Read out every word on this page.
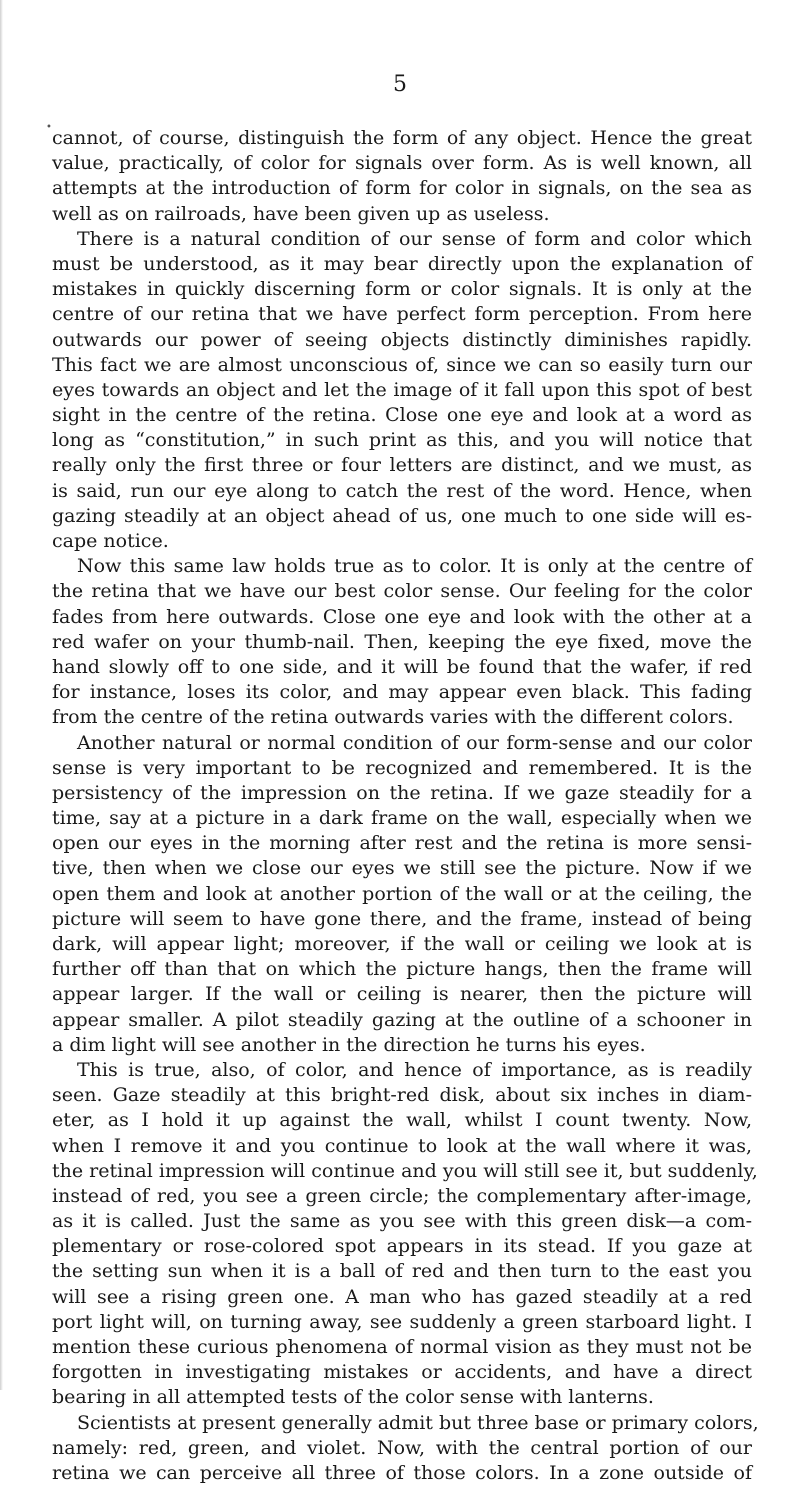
5
• cannot, of course, distinguish the form of any object. Hence the great
value, practically, of color for signals over form. As is well known, all
attempts at the introduction of form for color in signals, on the sea as
well as on railroads, have been given up as useless.
There is a natural condition of our sense of form and color which
must be understood, as it may bear directly upon the explanation of
mistakes in quickly discerning form or color signals. It is only at the
centre of our retina that we have perfect form perception. From here
outwards our power of seeing objects distinctly diminishes rapidly.
This fact we are almost unconscious of, since we can so easily turn our
eyes towards an object and let the image of it fall upon this spot of best
sight in the centre of the retina. Close one eye and look at a word as
long as “constitution,” in such print as this, and you will notice that
really only the first three or four letters are distinct, and we must, as
is said, run our eye along to catch the rest of the word. Hence, when
gazing steadily at an object ahead of us, one much to one side will es-
cape notice.
Now this same law holds true as to color. It is only at the centre of
the retina that we have our best color sense. Our feeling for the color
fades from here outwards. Close one eye and look with the other at a
red wafer on your thumb-nail. Then, keeping the eye fixed, move the
hand slowly off to one side, and it will be found that the wafer, if red
for instance, loses its color, and may appear even black. This fading
from the centre of the retina outwards varies with the different colors.
Another natural or normal condition of our form-sense and our color
sense is very important to be recognized and remembered. It is the
persistency of the impression on the retina. If we gaze steadily for a
time, say at a picture in a dark frame on the wall, especially when we
open our eyes in the morning after rest and the retina is more sensi-
tive, then when we close our eyes we still see the picture. Now if we
open them and look at another portion of the wall or at the ceiling, the
picture will seem to have gone there, and the frame, instead of being
dark, will appear light; moreover, if the wall or ceiling we look at is
further off than that on which the picture hangs, then the frame will
appear larger. If the wall or ceiling is nearer, then the picture will
appear smaller. A pilot steadily gazing at the outline of a schooner in
a dim light will see another in the direction he turns his eyes.
This is true, also, of color, and hence of importance, as is readily
seen. Gaze steadily at this bright-red disk, about six inches in diam-
eter, as I hold it up against the wall, whilst I count twenty. Now,
when I remove it and you continue to look at the wall where it was,
the retinal impression will continue and you will still see it, but suddenly,
instead of red, you see a green circle; the complementary after-image,
as it is called. Just the same as you see with this green disk—a com-
plementary or rose-colored spot appears in its stead. If you gaze at
the setting sun when it is a ball of red and then turn to the east you
will see a rising green one. A man who has gazed steadily at a red
port light will, on turning away, see suddenly a green starboard light. I
mention these curious phenomena of normal vision as they must not be
forgotten in investigating mistakes or accidents, and have a direct
bearing in all attempted tests of the color sense with lanterns.
Scientists at present generally admit but three base or primary colors,
namely: red, green, and violet. Now, with the central portion of our
retina we can perceive all three of those colors. In a zone outside of
